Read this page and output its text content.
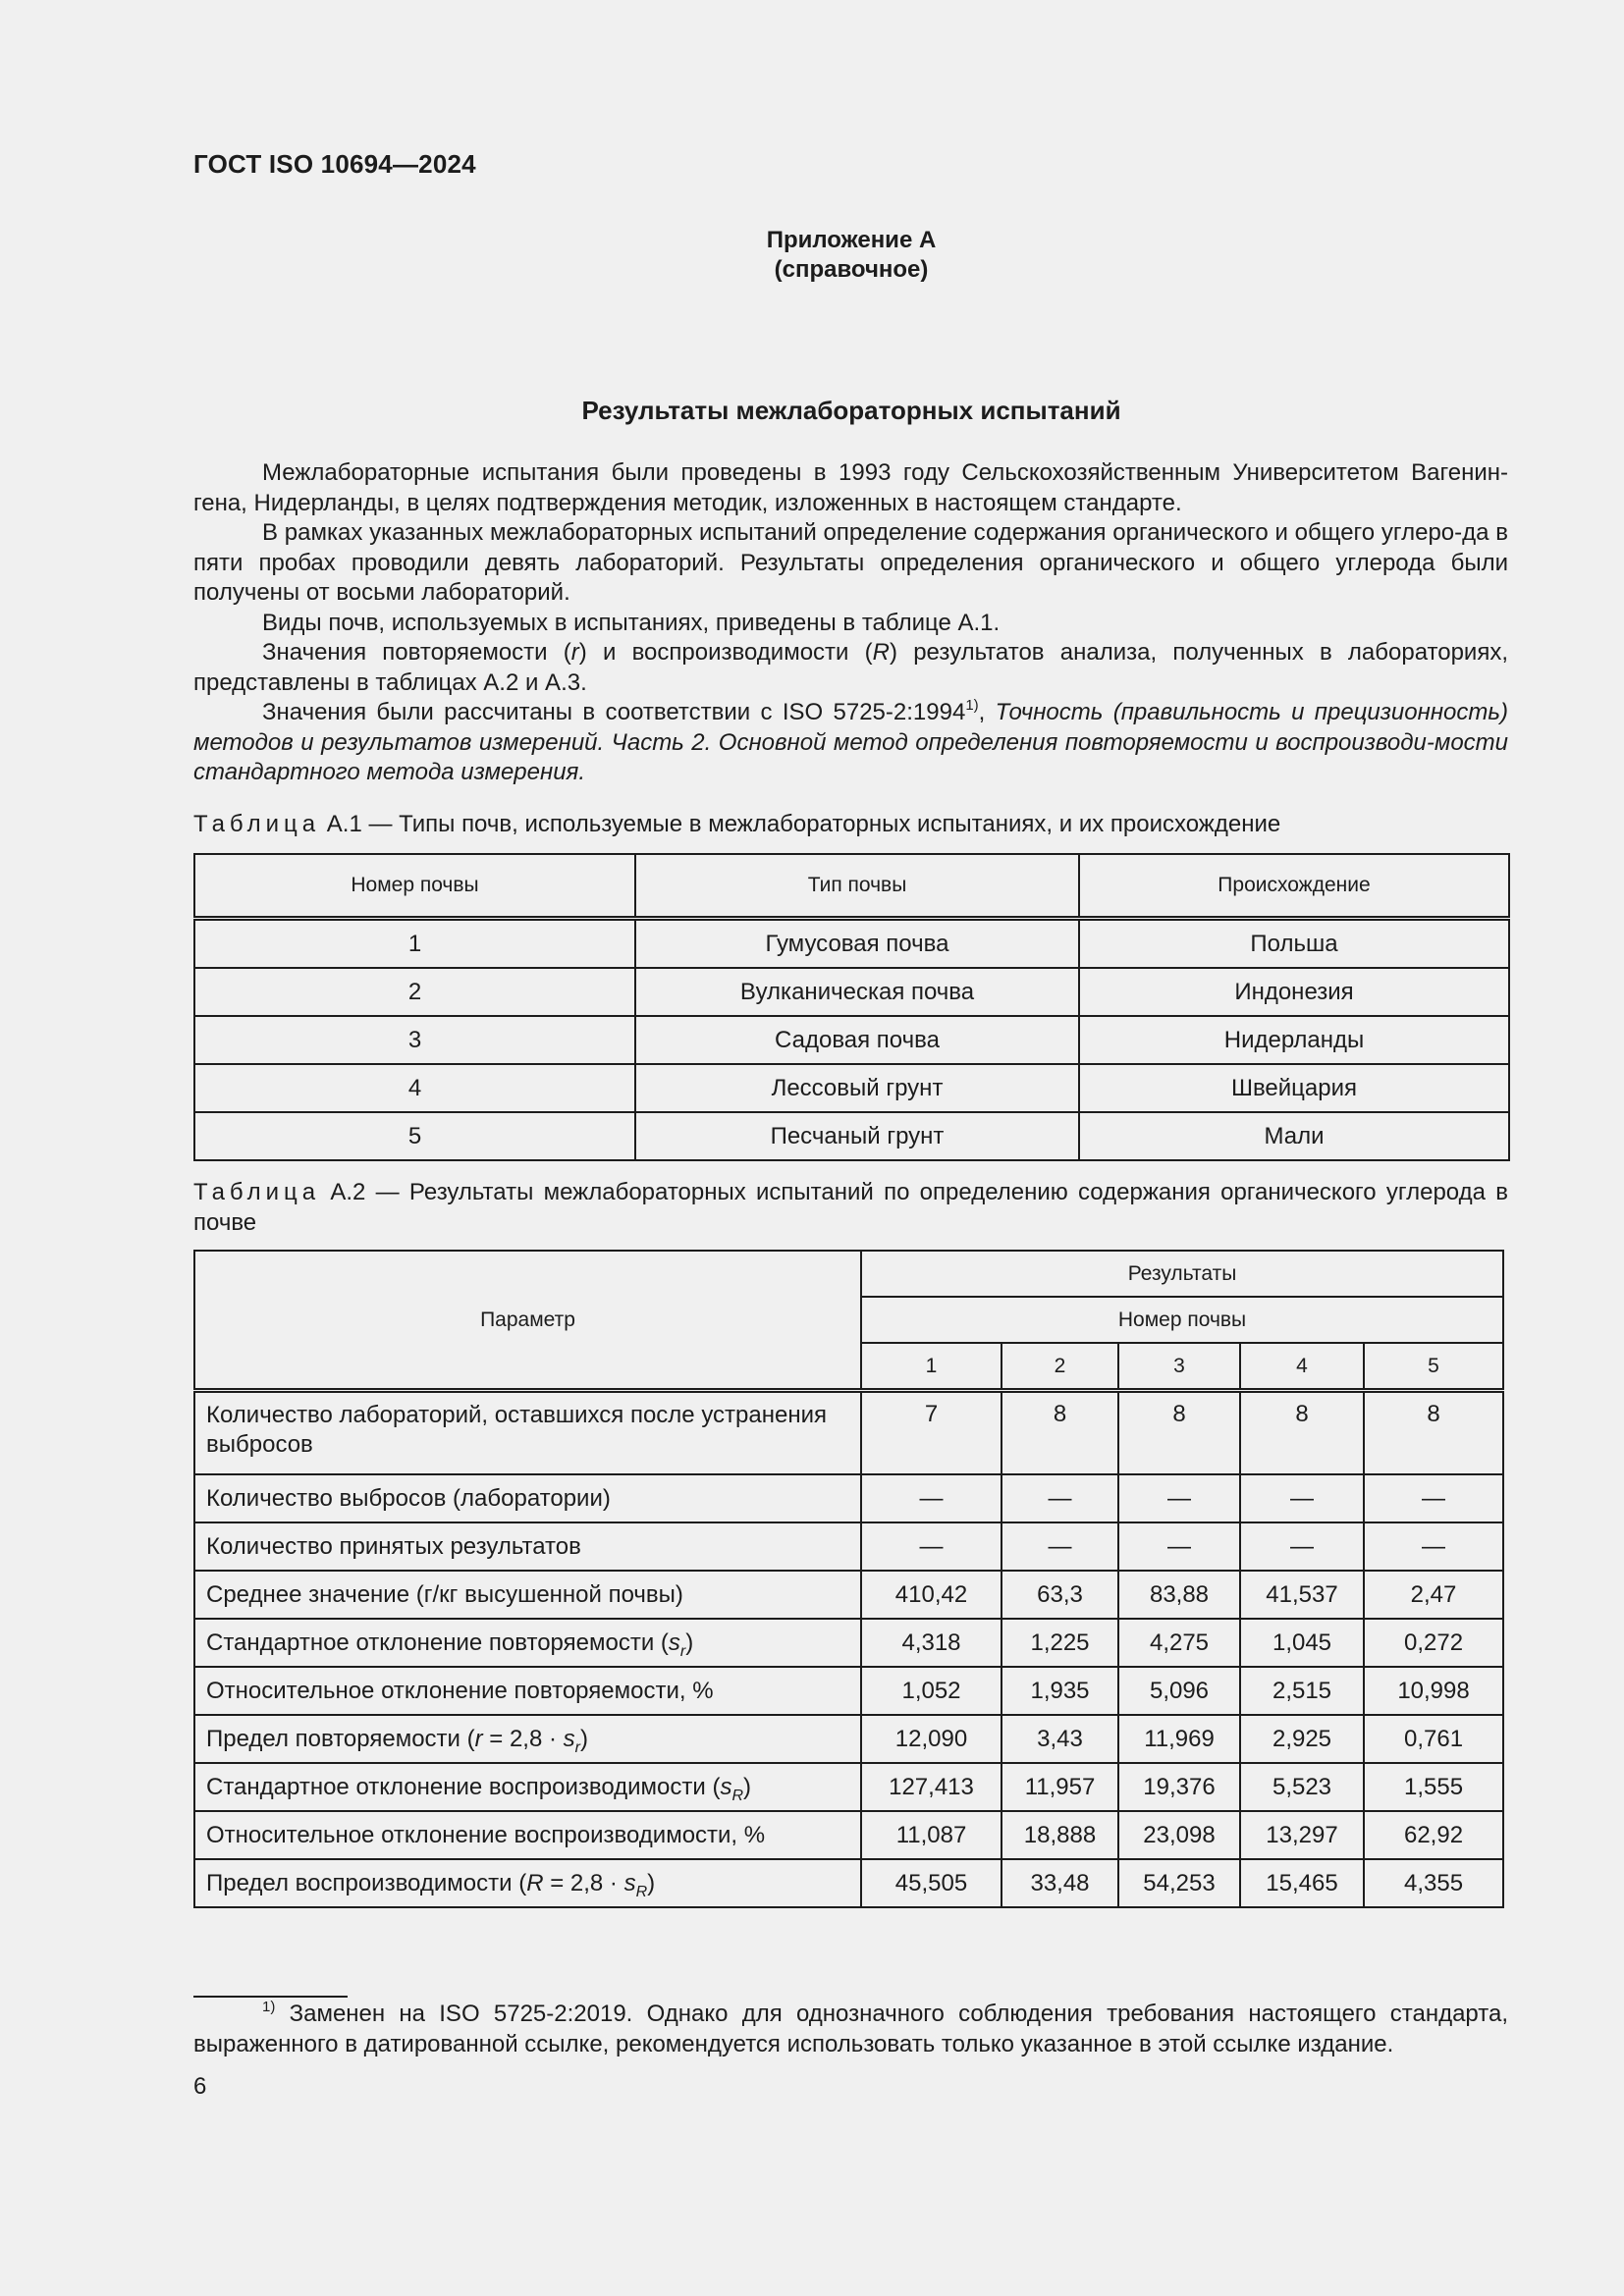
ГОСТ ISO 10694—2024
Приложение А
(справочное)
Результаты межлабораторных испытаний

Межлабораторные испытания были проведены в 1993 году Сельскохозяйственным Университетом Вагенин-гена, Нидерланды, в целях подтверждения методик, изложенных в настоящем стандарте.

В рамках указанных межлабораторных испытаний определение содержания органического и общего углеро-да в пяти пробах проводили девять лабораторий. Результаты определения органического и общего углерода были получены от восьми лабораторий.

Виды почв, используемых в испытаниях, приведены в таблице А.1.

Значения повторяемости (r) и воспроизводимости (R) результатов анализа, полученных в лабораториях, представлены в таблицах А.2 и А.3.

Значения были рассчитаны в соответствии с ISO 5725-2:1994$^{1)}$, Точность (правильность и прецизионность) методов и результатов измерений. Часть 2. Основной метод определения повторяемости и воспроизводи-мости стандартного метода измерения.

Таблица А.1 — Типы почв, используемые в межлабораторных испытаниях, и их происхождение
Номер почвы	Тип почвы	Происхождение
1	Гумусовая почва	Польша
2	Вулканическая почва	Индонезия
3	Садовая почва	Нидерланды
4	Лессовый грунт	Швейцария
5	Песчаный грунт	Мали
Таблица А.2 — Результаты межлабораторных испытаний по определению содержания органического углерода в почве
Параметр	Результаты				
	Номер почвы				
	1	2	3	4	5
Количество лабораторий, оставшихся после устранения выбросов	7	8	8	8	8
Количество выбросов (лаборатории)	—	—	—	—	—
Количество принятых результатов	—	—	—	—	—
Среднее значение (г/кг высушенной почвы)	410,42	63,3	83,88	41,537	2,47
Стандартное отклонение повторяемости $(s_r)$	4,318	1,225	4,275	1,045	0,272
Относительное отклонение повторяемости, %	1,052	1,935	5,096	2,515	10,998
Предел повторяемости $(r = 2,8 \cdot s_r)$	12,090	3,43	11,969	2,925	0,761
Стандартное отклонение воспроизводимости $(s_R)$	127,413	11,957	19,376	5,523	1,555
Относительное отклонение воспроизводимости, %	11,087	18,888	23,098	13,297	62,92
Предел воспроизводимости $(R = 2,8 \cdot s_R)$	45,505	33,48	54,253	15,465	4,355

$^{1)}$ Заменен на ISO 5725-2:2019. Однако для однозначного соблюдения требования настоящего стандарта, выраженного в датированной ссылке, рекомендуется использовать только указанное в этой ссылке издание.

6
